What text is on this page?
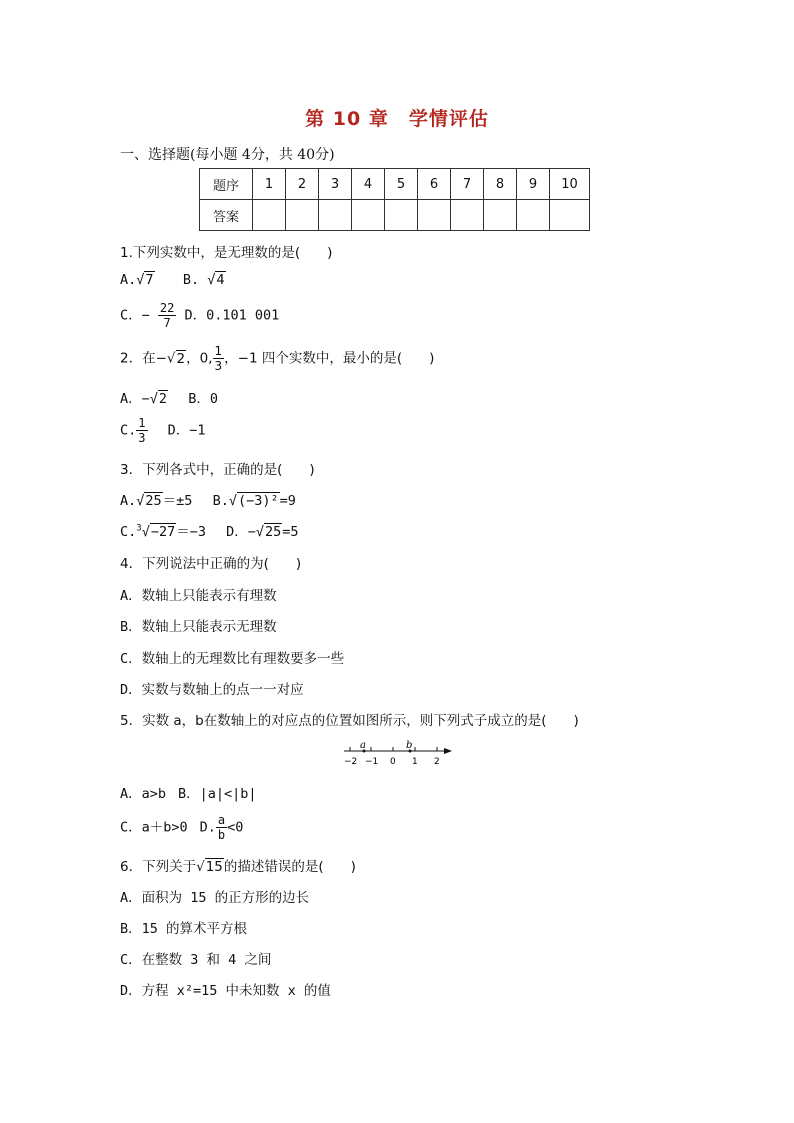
第 10 章　学情评估
一、选择题(每小题 4分，共 40分)
题序	1	2	3	4	5	6	7	8	9	10
答案										
1.下列实数中，是无理数的是(　　)
A.√7 B. √4
C．− $\frac{22}{7}$ D．0.101 001
2．在−√2，0, $\frac{1}{3}$ ，−1 四个实数中，最小的是(　　)
A．−√2 B．0
C. $\frac{1}{3}$ D．−1
3．下列各式中，正确的是(　　)
A.√25＝±5 B.√(−3)²=9
C.$^3$√−27＝−3 D．−√25=5
4．下列说法中正确的为(　　)
A．数轴上只能表示有理数
B．数轴上只能表示无理数
C．数轴上的无理数比有理数要多一些
D．实数与数轴上的点一一对应
5．实数 a，b在数轴上的对应点的位置如图所示，则下列式子成立的是(　　)
a	b
−2 −1 0 1 2
A．a>b B．|a|<|b|
C．a＋b>0 D. $\frac{a}{b} <0$
6．下列关于√15的描述错误的是(　　)
A．面积为 15 的正方形的边长
B．15 的算术平方根
C．在整数 3 和 4 之间
D．方程 x²=15 中未知数 x 的值
